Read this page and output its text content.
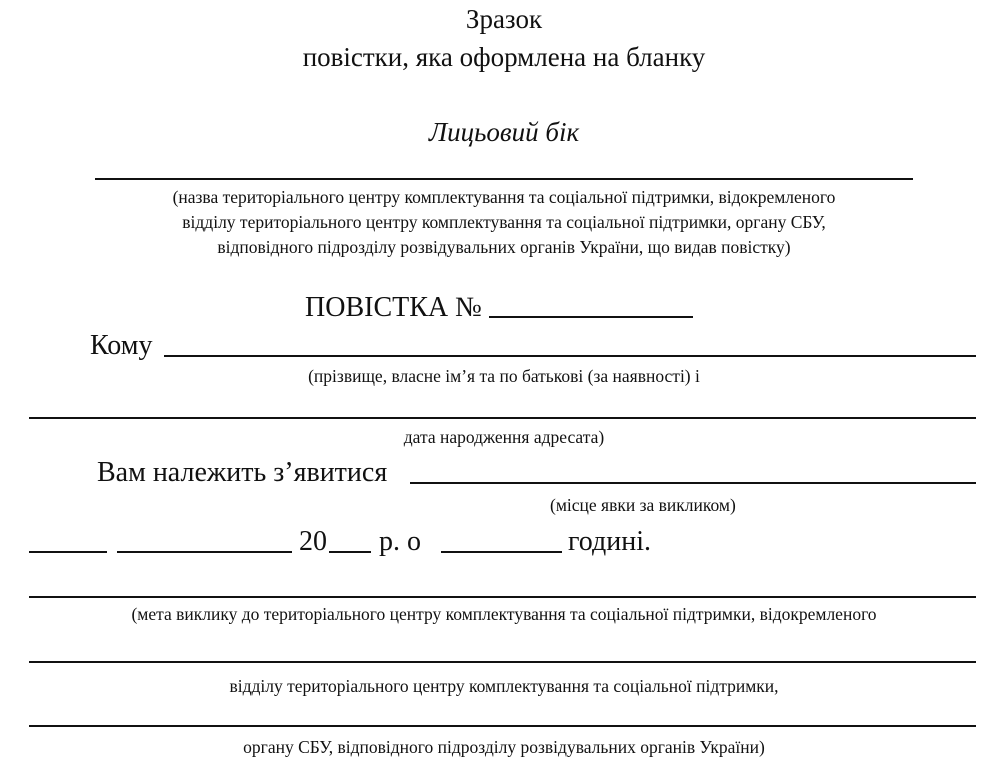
Зразок
повістки, яка оформлена на бланку
Лицьовий бік
(назва територіального центру комплектування та соціальної підтримки, відокремленого
відділу територіального центру комплектування та соціальної підтримки, органу СБУ,
відповідного підрозділу розвідувальних органів України, що видав повістку)
ПОВІСТКА №
Кому
(прізвище, власне ім’я та по батькові (за наявності) і
дата народження адресата)
Вам належить з’явитися
(місце явки за викликом)
20 р. о	годині.
(мета виклику до територіального центру комплектування та соціальної підтримки, відокремленого
відділу територіального центру комплектування та соціальної підтримки,
органу СБУ, відповідного підрозділу розвідувальних органів України)
